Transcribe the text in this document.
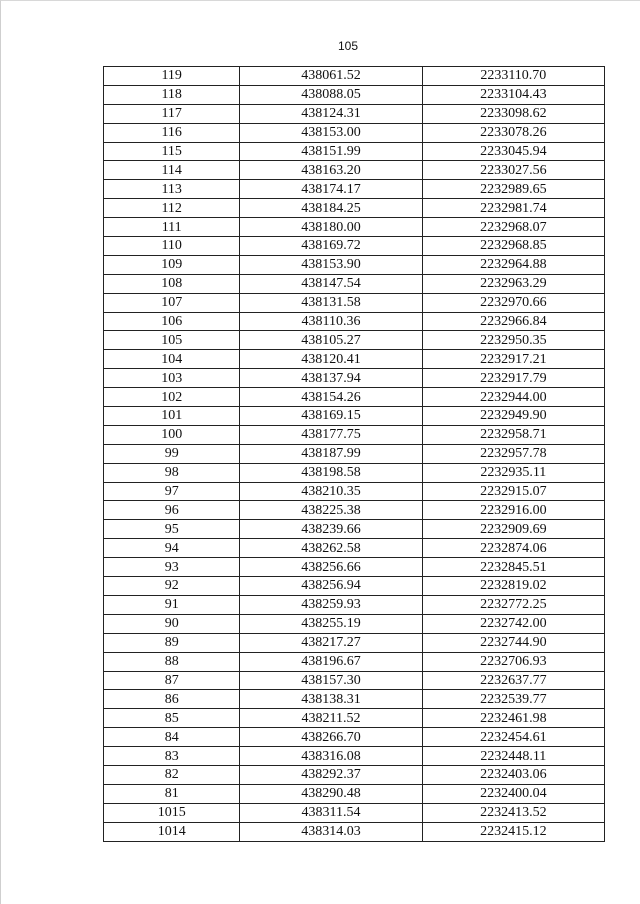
105
119	438061.52	2233110.70
118	438088.05	2233104.43
117	438124.31	2233098.62
116	438153.00	2233078.26
115	438151.99	2233045.94
114	438163.20	2233027.56
113	438174.17	2232989.65
112	438184.25	2232981.74
111	438180.00	2232968.07
110	438169.72	2232968.85
109	438153.90	2232964.88
108	438147.54	2232963.29
107	438131.58	2232970.66
106	438110.36	2232966.84
105	438105.27	2232950.35
104	438120.41	2232917.21
103	438137.94	2232917.79
102	438154.26	2232944.00
101	438169.15	2232949.90
100	438177.75	2232958.71
99	438187.99	2232957.78
98	438198.58	2232935.11
97	438210.35	2232915.07
96	438225.38	2232916.00
95	438239.66	2232909.69
94	438262.58	2232874.06
93	438256.66	2232845.51
92	438256.94	2232819.02
91	438259.93	2232772.25
90	438255.19	2232742.00
89	438217.27	2232744.90
88	438196.67	2232706.93
87	438157.30	2232637.77
86	438138.31	2232539.77
85	438211.52	2232461.98
84	438266.70	2232454.61
83	438316.08	2232448.11
82	438292.37	2232403.06
81	438290.48	2232400.04
1015	438311.54	2232413.52
1014	438314.03	2232415.12
